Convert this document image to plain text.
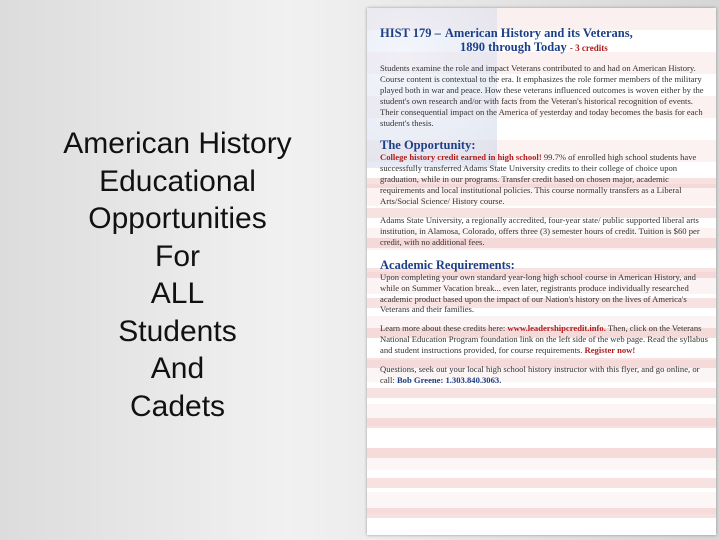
American History
Educational
Opportunities
For
ALL
Students
And
Cadets
HIST 179 – American History and its Veterans,
1890 through Today - 3 credits

Students examine the role and impact Veterans contributed to and had on American History. Course content is contextual to the era. It emphasizes the role former members of the military played both in war and peace. How these veterans influenced outcomes is woven either by the student's own research and/or with facts from the Veteran's historical recognition of events. Their consequential impact on the America of yesterday and today becomes the basis for each student's thesis.

The Opportunity:

College history credit earned in high school! 99.7% of enrolled high school students have successfully transferred Adams State University credits to their college of choice upon graduation, while in our programs. Transfer credit based on chosen major, academic requirements and local institutional policies. This course normally transfers as a Liberal Arts/Social Science/ History course.

Adams State University, a regionally accredited, four-year state/ public supported liberal arts institution, in Alamosa, Colorado, offers three (3) semester hours of credit. Tuition is $60 per credit, with no additional fees.

Academic Requirements:

Upon completing your own standard year-long high school course in American History, and while on Summer Vacation break... even later, registrants produce individually researched academic product based upon the impact of our Nation's history on the lives of America's Veterans and their families.

Learn more about these credits here: www.leadershipcredit.info. Then, click on the Veterans National Education Program foundation link on the left side of the web page. Read the syllabus and student instructions provided, for course requirements. Register now!

Questions, seek out your local high school history instructor with this flyer, and go online, or call: Bob Greene: 1.303.840.3063.
